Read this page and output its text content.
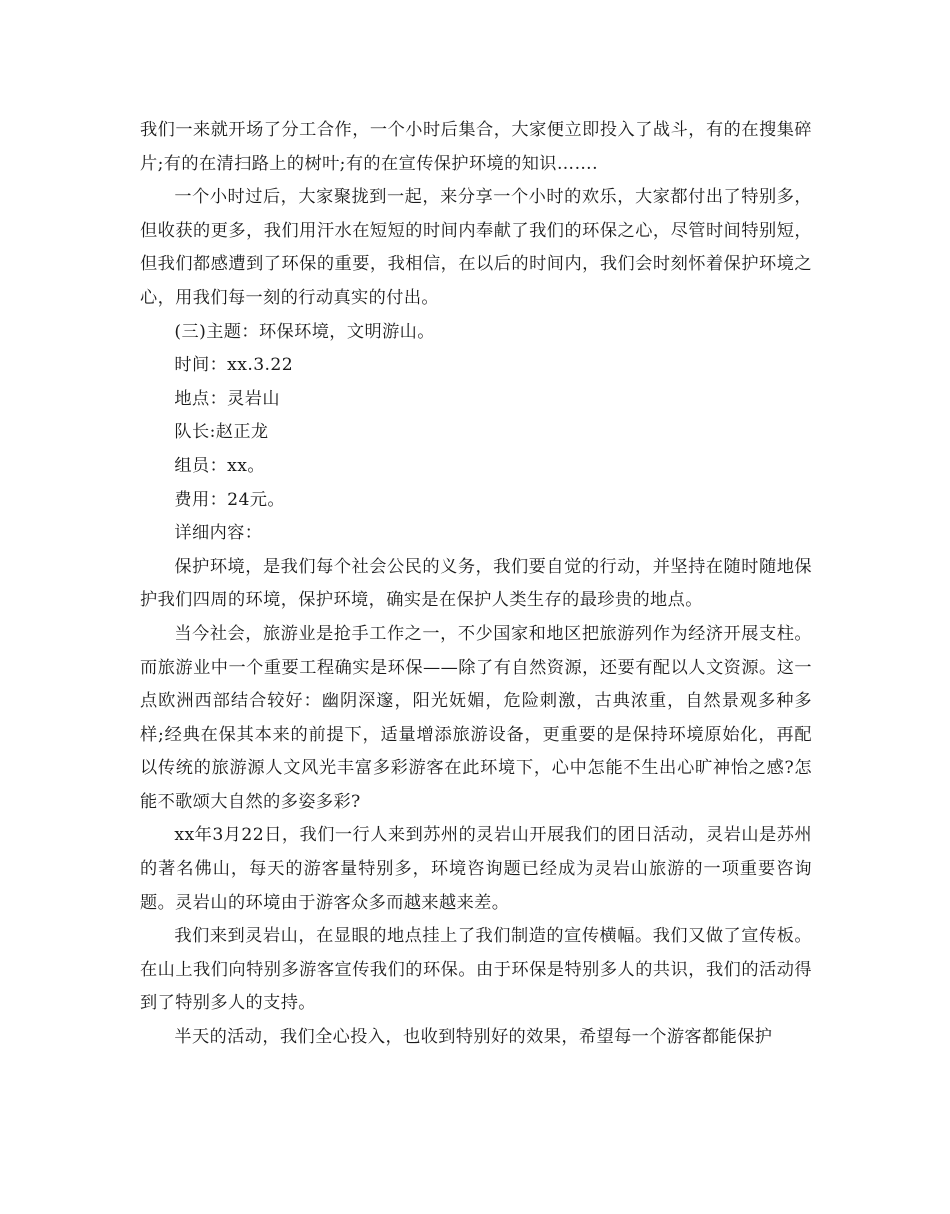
我们一来就开场了分工合作，一个小时后集合，大家便立即投入了战斗，有的在搜集碎片;有的在清扫路上的树叶;有的在宣传保护环境的知识…….

一个小时过后，大家聚拢到一起，来分享一个小时的欢乐，大家都付出了特别多，但收获的更多，我们用汗水在短短的时间内奉献了我们的环保之心，尽管时间特别短，但我们都感遭到了环保的重要，我相信，在以后的时间内，我们会时刻怀着保护环境之心，用我们每一刻的行动真实的付出。

(三)主题：环保环境，文明游山。

时间：xx.3.22

地点：灵岩山

队长:赵正龙

组员：xx。

费用：24元。

详细内容：

保护环境，是我们每个社会公民的义务，我们要自觉的行动，并坚持在随时随地保护我们四周的环境，保护环境，确实是在保护人类生存的最珍贵的地点。

当今社会，旅游业是抢手工作之一，不少国家和地区把旅游列作为经济开展支柱。而旅游业中一个重要工程确实是环保——除了有自然资源，还要有配以人文资源。这一点欧洲西部结合较好：幽阴深邃，阳光妩媚，危险刺激，古典浓重，自然景观多种多样;经典在保其本来的前提下，适量增添旅游设备，更重要的是保持环境原始化，再配以传统的旅游源人文风光丰富多彩游客在此环境下，心中怎能不生出心旷神怡之感?怎能不歌颂大自然的多姿多彩?

xx年3月22日，我们一行人来到苏州的灵岩山开展我们的团日活动，灵岩山是苏州的著名佛山，每天的游客量特别多，环境咨询题已经成为灵岩山旅游的一项重要咨询题。灵岩山的环境由于游客众多而越来越来差。

我们来到灵岩山，在显眼的地点挂上了我们制造的宣传横幅。我们又做了宣传板。在山上我们向特别多游客宣传我们的环保。由于环保是特别多人的共识，我们的活动得到了特别多人的支持。

半天的活动，我们全心投入，也收到特别好的效果，希望每一个游客都能保护
